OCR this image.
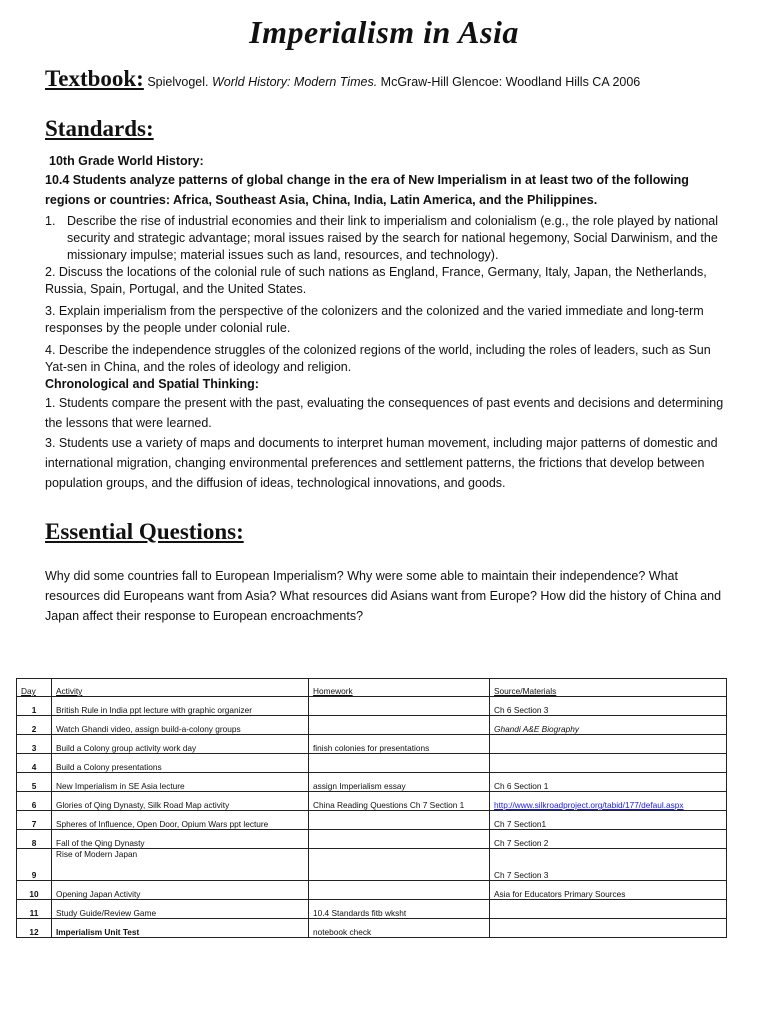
Imperialism in Asia
Textbook: Spielvogel. World History: Modern Times. McGraw-Hill Glencoe: Woodland Hills CA 2006
Standards:

10th Grade World History:

10.4 Students analyze patterns of global change in the era of New Imperialism in at least two of the following regions or countries: Africa, Southeast Asia, China, India, Latin America, and the Philippines.

1. Describe the rise of industrial economies and their link to imperialism and colonialism (e.g., the role played by national security and strategic advantage; moral issues raised by the search for national hegemony, Social Darwinism, and the missionary impulse; material issues such as land, resources, and technology).

2. Discuss the locations of the colonial rule of such nations as England, France, Germany, Italy, Japan, the Netherlands, Russia, Spain, Portugal, and the United States.

3. Explain imperialism from the perspective of the colonizers and the colonized and the varied immediate and long-term responses by the people under colonial rule.

4. Describe the independence struggles of the colonized regions of the world, including the roles of leaders, such as Sun Yat-sen in China, and the roles of ideology and religion.

Chronological and Spatial Thinking:

1. Students compare the present with the past, evaluating the consequences of past events and decisions and determining the lessons that were learned.

3. Students use a variety of maps and documents to interpret human movement, including major patterns of domestic and international migration, changing environmental preferences and settlement patterns, the frictions that develop between population groups, and the diffusion of ideas, technological innovations, and goods.

Essential Questions:
Why did some countries fall to European Imperialism? Why were some able to maintain their independence? What resources did Europeans want from Asia? What resources did Asians want from Europe? How did the history of China and Japan affect their response to European encroachments?
Day	Activity	Homework	Source/Materials
1	British Rule in India ppt lecture with graphic organizer		Ch 6 Section 3
2	Watch Ghandi video, assign build-a-colony groups		Ghandi A&E Biography
3	Build a Colony group activity work day	finish colonies for presentations	
4	Build a Colony presentations		
5	New Imperialism in SE Asia lecture	assign Imperialism essay	Ch 6 Section 1
6	Glories of Qing Dynasty, Silk Road Map activity	China Reading Questions Ch 7 Section 1	http://www.silkroadproject.org/tabid/177/defaul.aspx
7	Spheres of Influence, Open Door, Opium Wars ppt lecture		Ch 7 Section1
8	Fall of the Qing Dynasty		Ch 7 Section 2
9	Rise of Modern Japan		Ch 7 Section 3
10	Opening Japan Activity		Asia for Educators Primary Sources
11	Study Guide/Review Game	10.4 Standards fitb wksht	
12	Imperialism Unit Test	notebook check	
